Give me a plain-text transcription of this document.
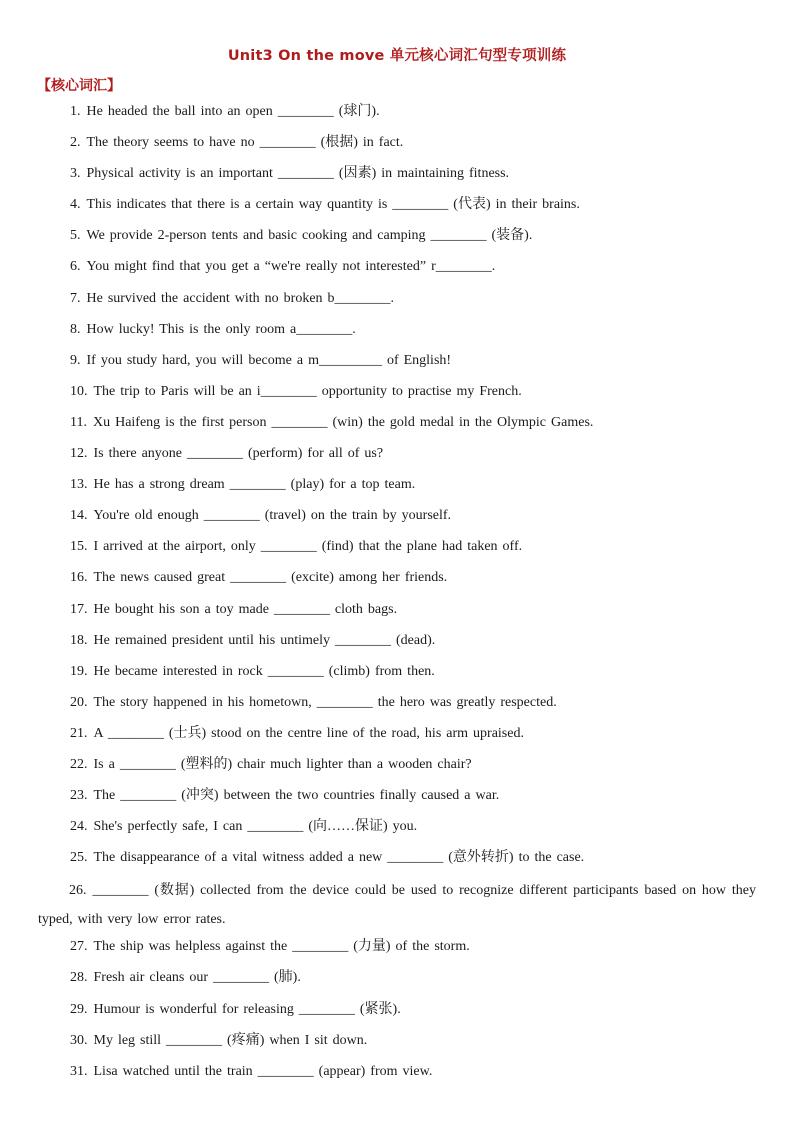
Unit3 On the move 单元核心词汇句型专项训练
【核心词汇】
1. He headed the ball into an open ________ (球门).
2. The theory seems to have no ________ (根据) in fact.
3. Physical activity is an important ________ (因素) in maintaining fitness.
4. This indicates that there is a certain way quantity is ________ (代表) in their brains.
5. We provide 2-person tents and basic cooking and camping ________ (装备).
6. You might find that you get a “we're really not interested” r________.
7. He survived the accident with no broken b________.
8. How lucky! This is the only room a________.
9. If you study hard, you will become a m_________ of English!
10. The trip to Paris will be an i________ opportunity to practise my French.
11. Xu Haifeng is the first person ________ (win) the gold medal in the Olympic Games.
12. Is there anyone ________ (perform) for all of us?
13. He has a strong dream ________ (play) for a top team.
14. You're old enough ________ (travel) on the train by yourself.
15. I arrived at the airport, only ________ (find) that the plane had taken off.
16. The news caused great ________ (excite) among her friends.
17. He bought his son a toy made ________ cloth bags.
18. He remained president until his untimely ________ (dead).
19. He became interested in rock ________ (climb) from then.
20. The story happened in his hometown, ________ the hero was greatly respected.
21. A ________ (士兵) stood on the centre line of the road, his arm upraised.
22. Is a ________ (塑料的) chair much lighter than a wooden chair?
23. The ________ (冲突) between the two countries finally caused a war.
24. She's perfectly safe, I can ________ (向……保证) you.
25. The disappearance of a vital witness added a new ________ (意外转折) to the case.
26. ________ (数据) collected from the device could be used to recognize different participants based on how they typed, with very low error rates.
27. The ship was helpless against the ________ (力量) of the storm.
28. Fresh air cleans our ________ (肺).
29. Humour is wonderful for releasing ________ (紧张).
30. My leg still ________ (疼痛) when I sit down.
31. Lisa watched until the train ________ (appear) from view.
